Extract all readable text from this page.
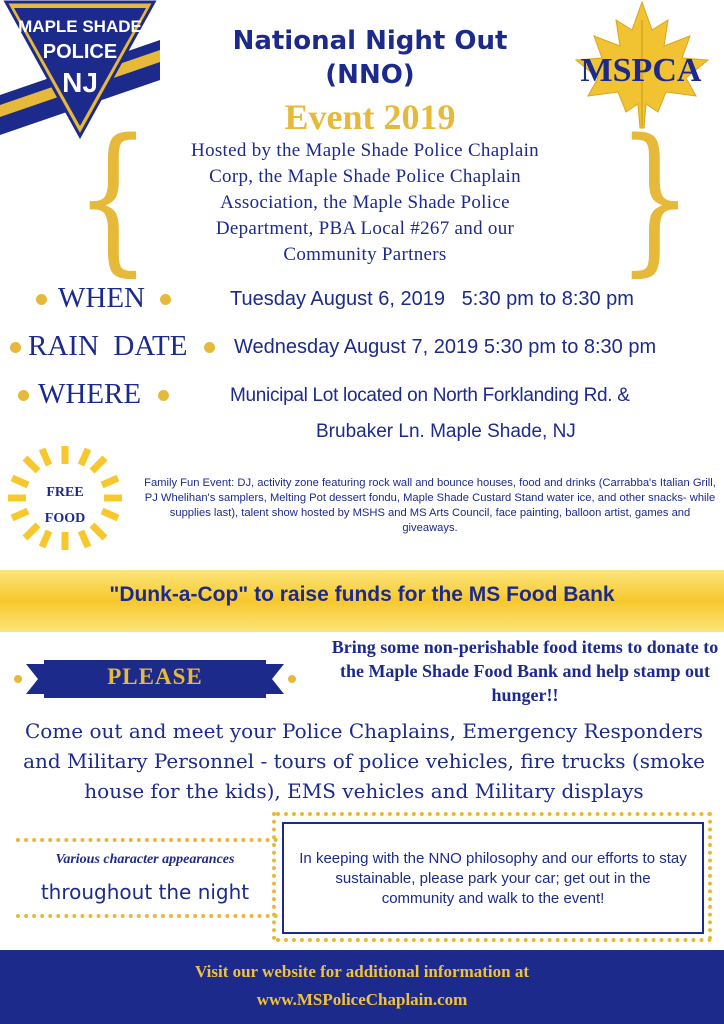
MAPLE SHADE
POLICE
NJ	MSPCA
National Night Out
(NNO)
Event 2019
{	}
Hosted by the Maple Shade Police Chaplain
Corp, the Maple Shade Police Chaplain
Association, the Maple Shade Police
Department, PBA Local #267 and our
Community Partners
WHEN	Tuesday August 6, 2019   5:30 pm to 8:30 pm
RAIN  DATE Wednesday August 7, 2019 5:30 pm to 8:30 pm
WHERE	Municipal Lot located on North Forklanding Rd. &
Brubaker Ln. Maple Shade, NJ
FREE
FOOD
Family Fun Event: DJ, activity zone featuring rock wall and bounce houses, food and drinks (Carrabba's Italian Grill, PJ Whelihan's samplers, Melting Pot dessert fondu, Maple Shade Custard Stand water ice, and other snacks- while supplies last), talent show hosted by MSHS and MS Arts Council, face painting, balloon artist, games and giveaways.
"Dunk-a-Cop" to raise funds for the MS Food Bank
PLEASE
Bring some non-perishable food items to donate to the Maple Shade Food Bank and help stamp out hunger!!
Come out and meet your Police Chaplains, Emergency Responders and Military Personnel - tours of police vehicles, fire trucks (smoke house for the kids), EMS vehicles and Military displays
Various character appearances
throughout the night
In keeping with the NNO philosophy and our efforts to stay sustainable, please park your car; get out in the community and walk to the event!
Visit our website for additional information at
www.MSPoliceChaplain.com
